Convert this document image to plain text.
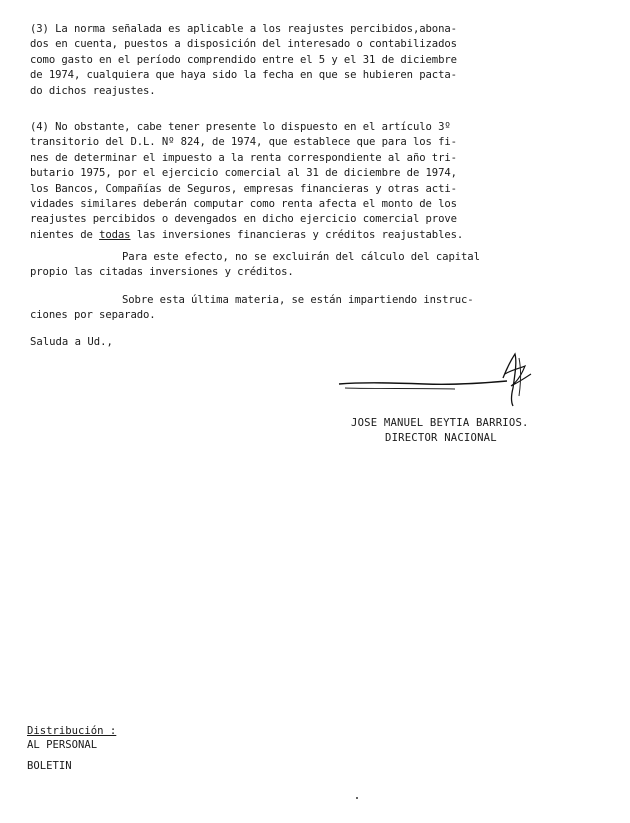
(3) La norma señalada es aplicable a los reajustes percibidos,abona-
dos en cuenta, puestos a disposición del interesado o contabilizados
como gasto en el período comprendido entre el 5 y el 31 de diciembre
de 1974, cualquiera que haya sido la fecha en que se hubieren pacta-
do dichos reajustes.
(4) No obstante, cabe tener presente lo dispuesto en el artículo 3º
transitorio del D.L. Nº 824, de 1974, que establece que para los fi-
nes de determinar el impuesto a la renta correspondiente al año tri-
butario 1975, por el ejercicio comercial al 31 de diciembre de 1974,
los Bancos, Compañías de Seguros, empresas financieras y otras acti-
vidades similares deberán computar como renta afecta el monto de los
reajustes percibidos o devengados en dicho ejercicio comercial prove
nientes de todas las inversiones financieras y créditos reajustables.
Para este efecto, no se excluirán del cálculo del capital
propio las citadas inversiones y créditos.
Sobre esta última materia, se están impartiendo instruc-
ciones por separado.
Saluda a Ud.,
JOSE MANUEL BEYTIA BARRIOS.
DIRECTOR NACIONAL
Distribución :
AL PERSONAL
BOLETIN
